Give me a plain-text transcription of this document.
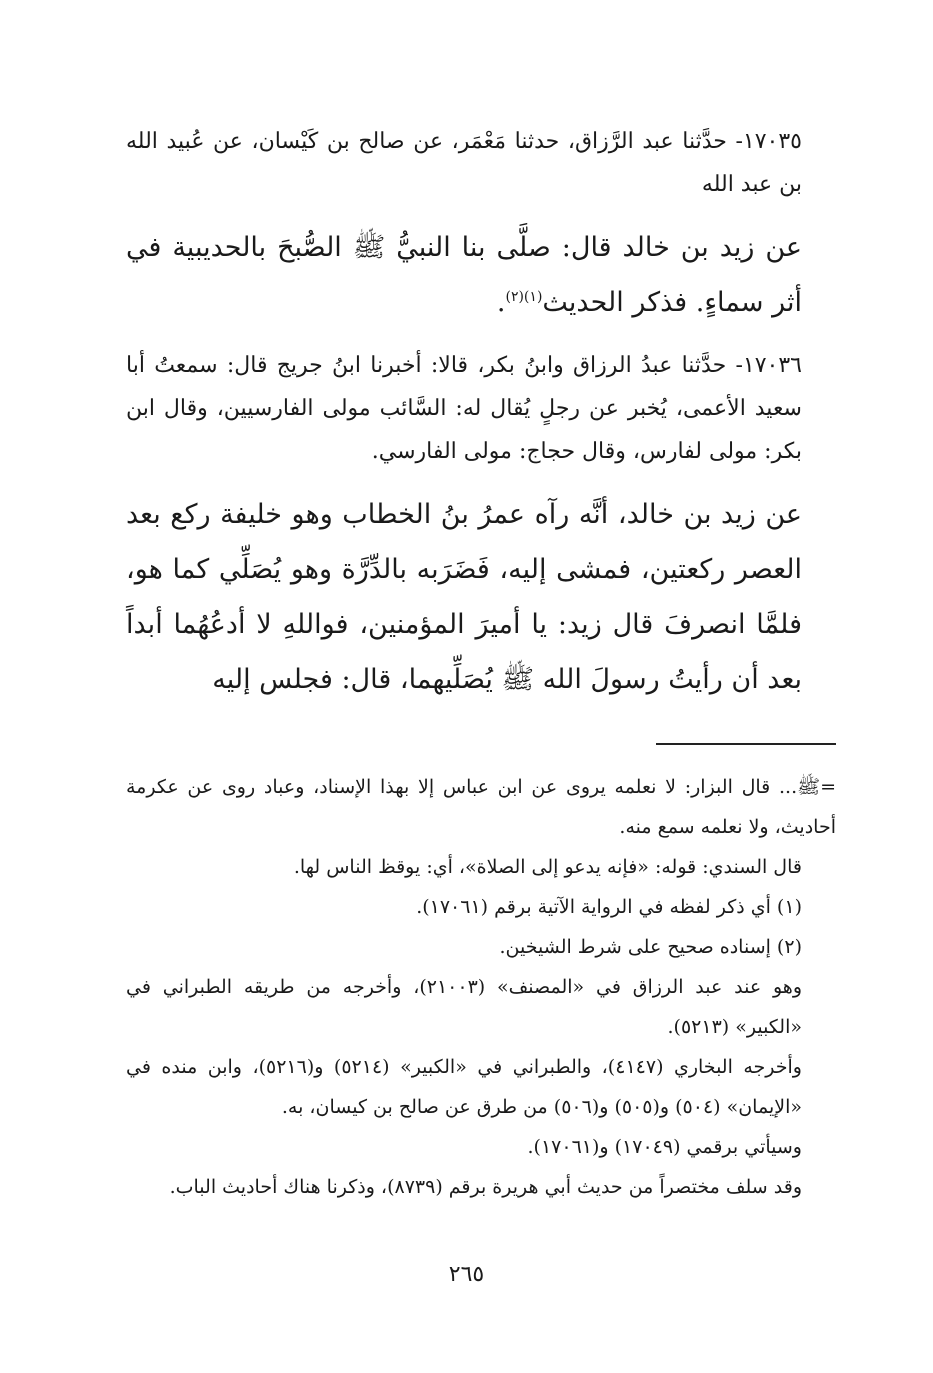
١٧٠٣٥- حدَّثنا عبد الرَّزاق، حدثنا مَعْمَر، عن صالح بن كَيْسان، عن عُبيد الله بن عبد الله

عن زيد بن خالد قال: صلَّى بنا النبيُّ ﷺ الصُّبحَ بالحديبية في أثر سماءٍ. فذكر الحديث$^{(١)(٢)}$.

١٧٠٣٦- حدَّثنا عبدُ الرزاق وابنُ بكر، قالا: أخبرنا ابنُ جريج قال: سمعتُ أبا سعيد الأعمى، يُخبر عن رجلٍ يُقال له: السَّائب مولى الفارسيين، وقال ابن بكر: مولى لفارس، وقال حجاج: مولى الفارسي.

عن زيد بن خالد، أنَّه رآه عمرُ بنُ الخطاب وهو خليفة ركع بعد العصر ركعتين، فمشى إليه، فَضَرَبه بالدِّرَّة وهو يُصَلِّي كما هو، فلمَّا انصرفَ قال زيد: يا أميرَ المؤمنين، فواللهِ لا أدعُهُما أبداً بعد أن رأيتُ رسولَ الله ﷺ يُصَلِّيهما، قال: فجلس إليه

=ﷺ... قال البزار: لا نعلمه يروى عن ابن عباس إلا بهذا الإسناد، وعباد روى عن عكرمة أحاديث، ولا نعلمه سمع منه.

قال السندي: قوله: «فإنه يدعو إلى الصلاة»، أي: يوقظ الناس لها.

(١) أي ذكر لفظه في الرواية الآتية برقم (١٧٠٦١).

(٢) إسناده صحيح على شرط الشيخين.

وهو عند عبد الرزاق في «المصنف» (٢١٠٠٣)، وأخرجه من طريقه الطبراني في «الكبير» (٥٢١٣).

وأخرجه البخاري (٤١٤٧)، والطبراني في «الكبير» (٥٢١٤) و(٥٢١٦)، وابن منده في «الإيمان» (٥٠٤) و(٥٠٥) و(٥٠٦) من طرق عن صالح بن كيسان، به.

وسيأتي برقمي (١٧٠٤٩) و(١٧٠٦١).

وقد سلف مختصراً من حديث أبي هريرة برقم (٨٧٣٩)، وذكرنا هناك أحاديث الباب.

٢٦٥
